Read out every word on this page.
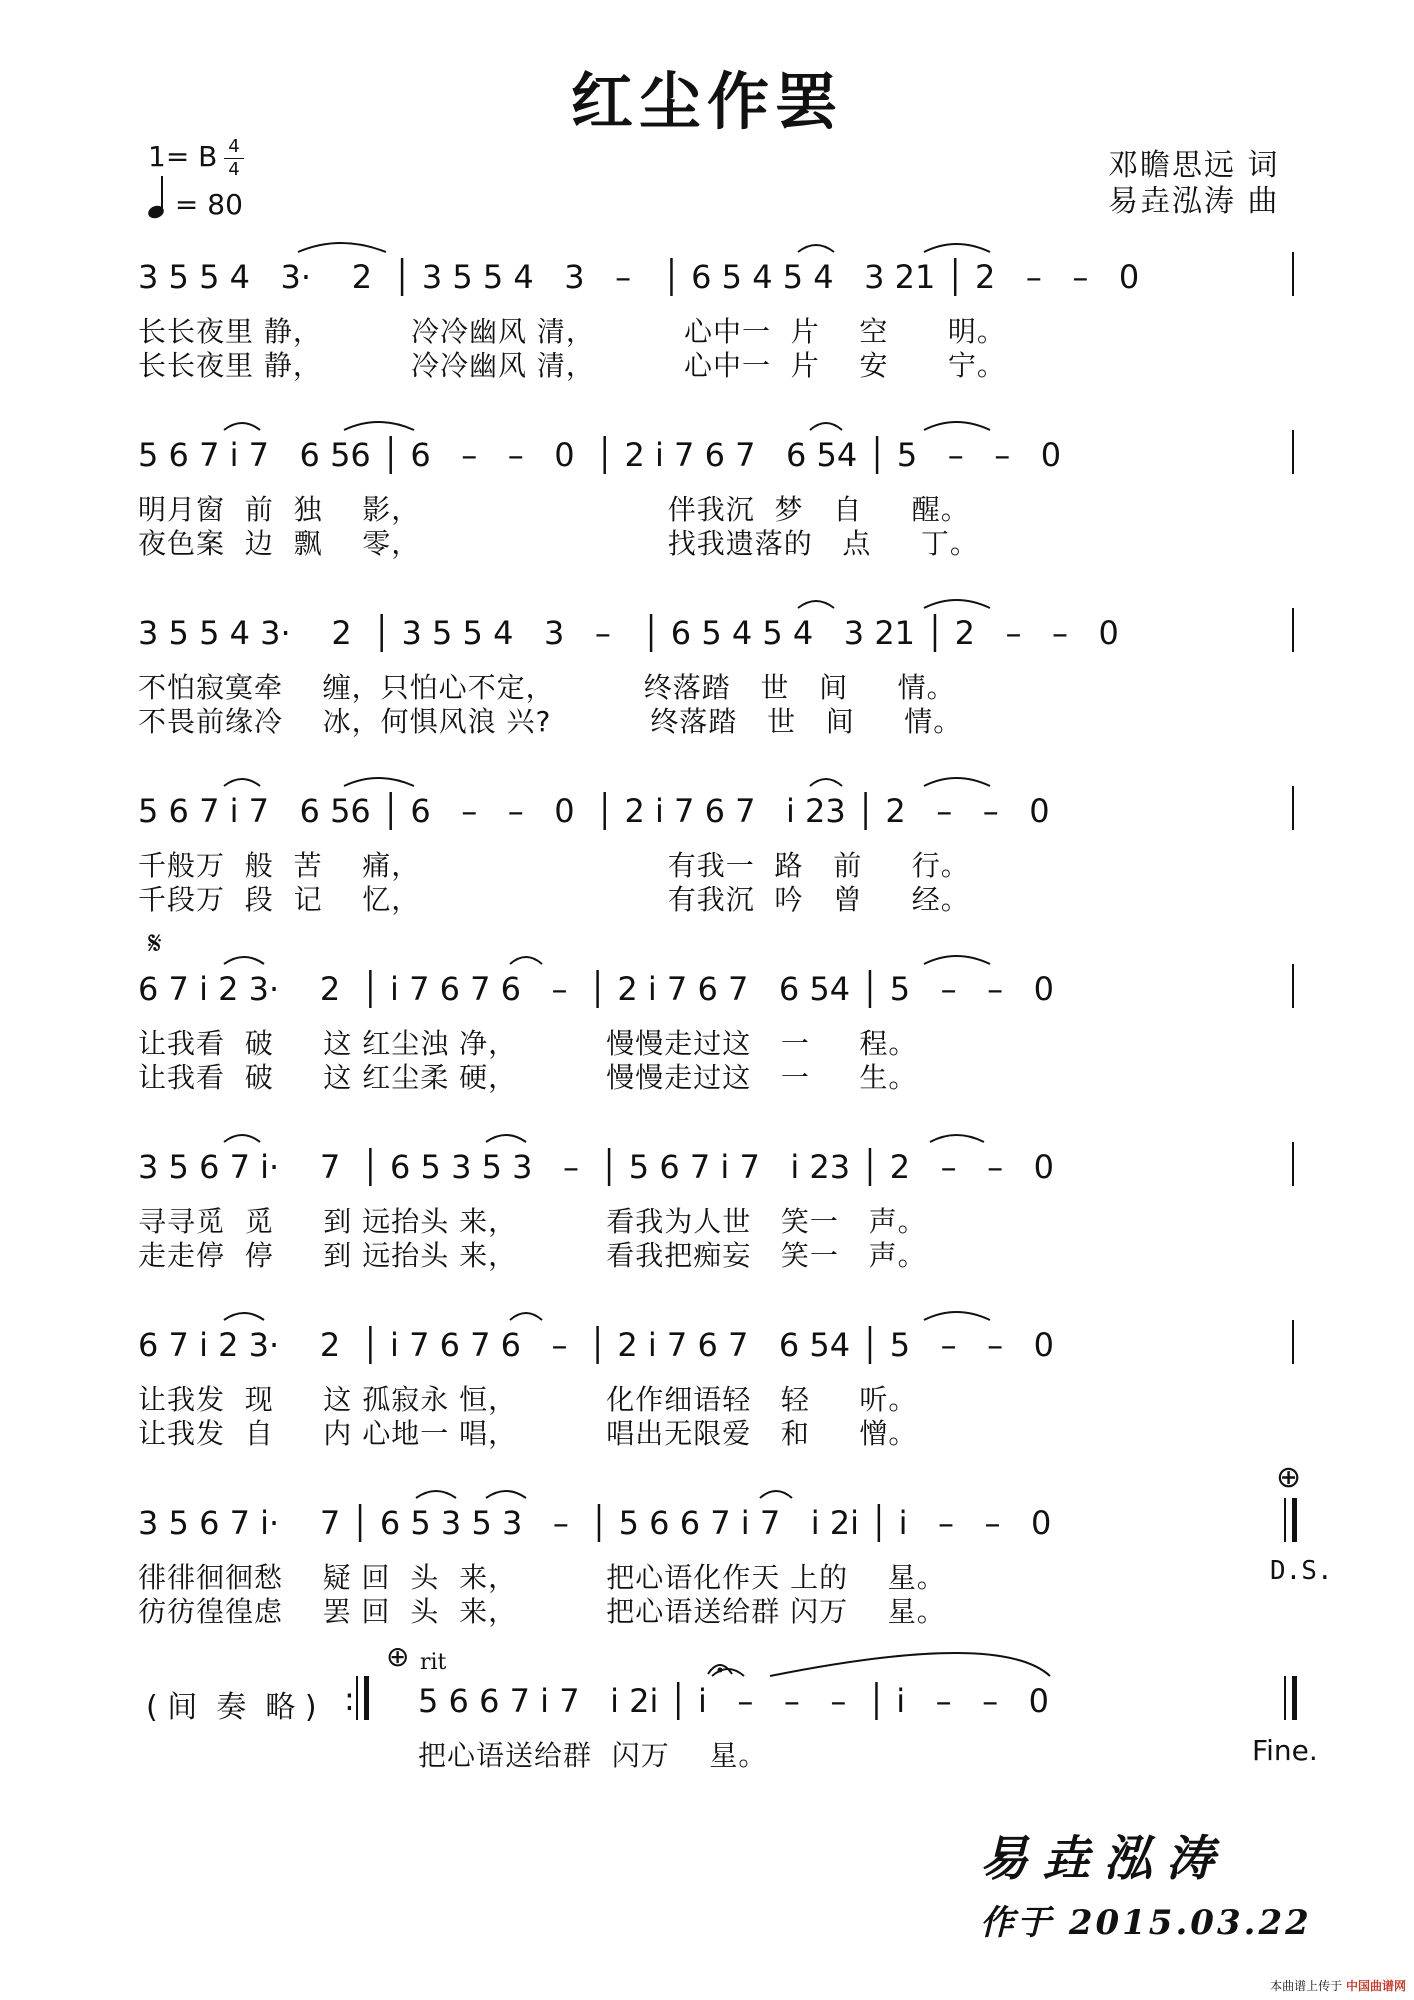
红尘作罢
1= B 4
4
= 80
邓瞻思远 词
易垚泓涛 曲
3 5 5 4   3·    2  │ 3 5 5 4   3   –   │ 6 5 4 5 4   3 21 │ 2   –   –   0
长长夜里 静，         冷冷幽风 清，         心中一  片    空      明。
长长夜里 静，         冷冷幽风 清，         心中一  片    安      宁。
5 6 7 i 7   6 56 │ 6   –   –   0  │ 2 i 7 6 7   6 54 │ 5   –   –   0
明月窗  前  独    影，                         伴我沉  梦   自     醒。
夜色案  边  飘    零，                         找我遗落的   点     丁。
3 5 5 4 3·    2  │ 3 5 5 4   3   –   │ 6 5 4 5 4   3 21 │ 2   –   –   0
不怕寂寞牵    缠，只怕心不定，         终落踏   世   间     情。
不畏前缘冷    冰，何惧风浪 兴?          终落踏   世   间     情。
5 6 7 i 7   6 56 │ 6   –   –   0  │ 2 i 7 6 7   i 23 │ 2   –   –   0
千般万  般  苦    痛，                         有我一  路   前     行。
千段万  段  记    忆，                         有我沉  吟   曾     经。
𝄋
6 7 i 2 3·    2  │ i 7 6 7 6   –  │ 2 i 7 6 7   6 54 │ 5   –   –   0
让我看  破     这 红尘浊 净，         慢慢走过这   一     程。
让我看  破     这 红尘柔 硬，         慢慢走过这   一     生。
3 5 6 7 i·    7  │ 6 5 3 5 3   –  │ 5 6 7 i 7   i 23 │ 2   –   –   0
寻寻觅  觅     到 远抬头 来，         看我为人世   笑一   声。
走走停  停     到 远抬头 来，         看我把痴妄   笑一   声。
6 7 i 2 3·    2  │ i 7 6 7 6   –  │ 2 i 7 6 7   6 54 │ 5   –   –   0
让我发  现     这 孤寂永 恒，         化作细语轻   轻     听。
让我发  自     内 心地一 唱，         唱出无限爱   和     憎。
⊕
3 5 6 7 i·    7 │ 6 5 3 5 3   –  │ 5 6 6 7 i 7   i 2i │ i   –   –   0
徘徘徊徊愁    疑 回  头  来，         把心语化作天 上的    星。
彷彷徨徨虑    罢 回  头  来，         把心语送给群 闪万    星。
D.S.
⊕ rit
( 间  奏  略 ) : 5 6 6 7 i 7   i 2i │ i   –   –   –  │ i   –   –   0
把心语送给群  闪万    星。	Fine.
易垚泓涛
作于 2015.03.22
本曲谱上传于 中国曲谱网
